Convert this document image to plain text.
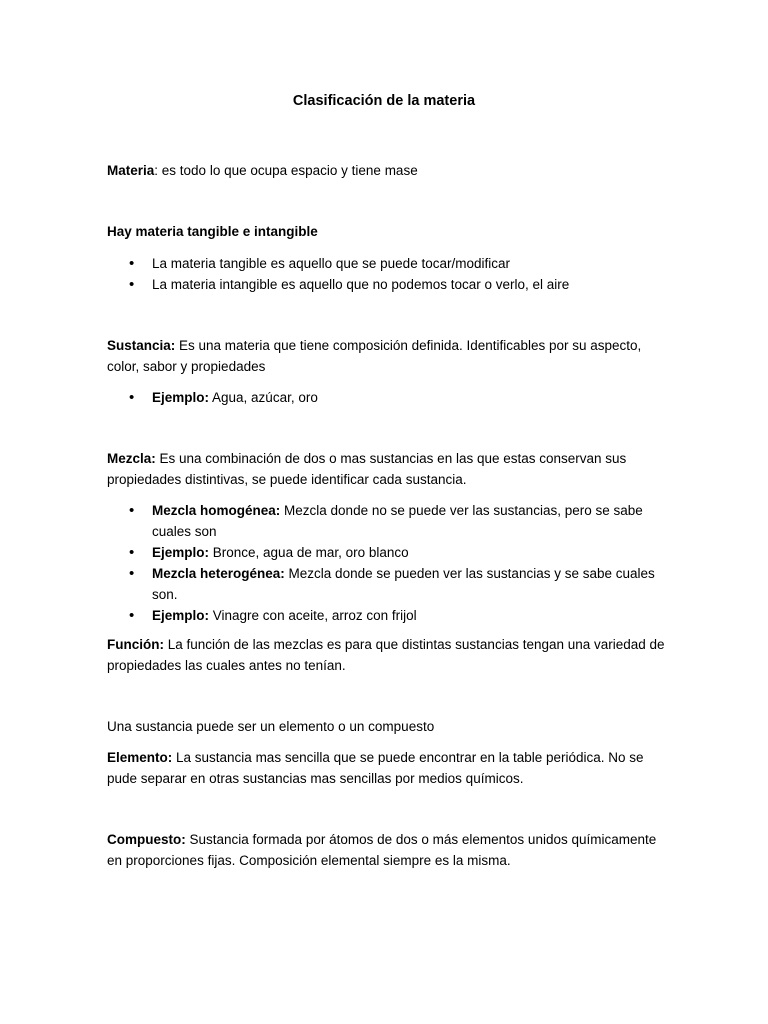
Clasificación de la materia

Materia: es todo lo que ocupa espacio y tiene mase

Hay materia tangible e intangible

• La materia tangible es aquello que se puede tocar/modificar
• La materia intangible es aquello que no podemos tocar o verlo, el aire

Sustancia: Es una materia que tiene composición definida. Identificables por su aspecto, color, sabor y propiedades

• Ejemplo: Agua, azúcar, oro

Mezcla: Es una combinación de dos o mas sustancias en las que estas conservan sus propiedades distintivas, se puede identificar cada sustancia.

• Mezcla homogénea: Mezcla donde no se puede ver las sustancias, pero se sabe cuales son
• Ejemplo: Bronce, agua de mar, oro blanco
• Mezcla heterogénea: Mezcla donde se pueden ver las sustancias y se sabe cuales son.
• Ejemplo: Vinagre con aceite, arroz con frijol

Función: La función de las mezclas es para que distintas sustancias tengan una variedad de propiedades las cuales antes no tenían.

Una sustancia puede ser un elemento o un compuesto

Elemento: La sustancia mas sencilla que se puede encontrar en la table periódica. No se pude separar en otras sustancias mas sencillas por medios químicos.

Compuesto: Sustancia formada por átomos de dos o más elementos unidos químicamente en proporciones fijas. Composición elemental siempre es la misma.
